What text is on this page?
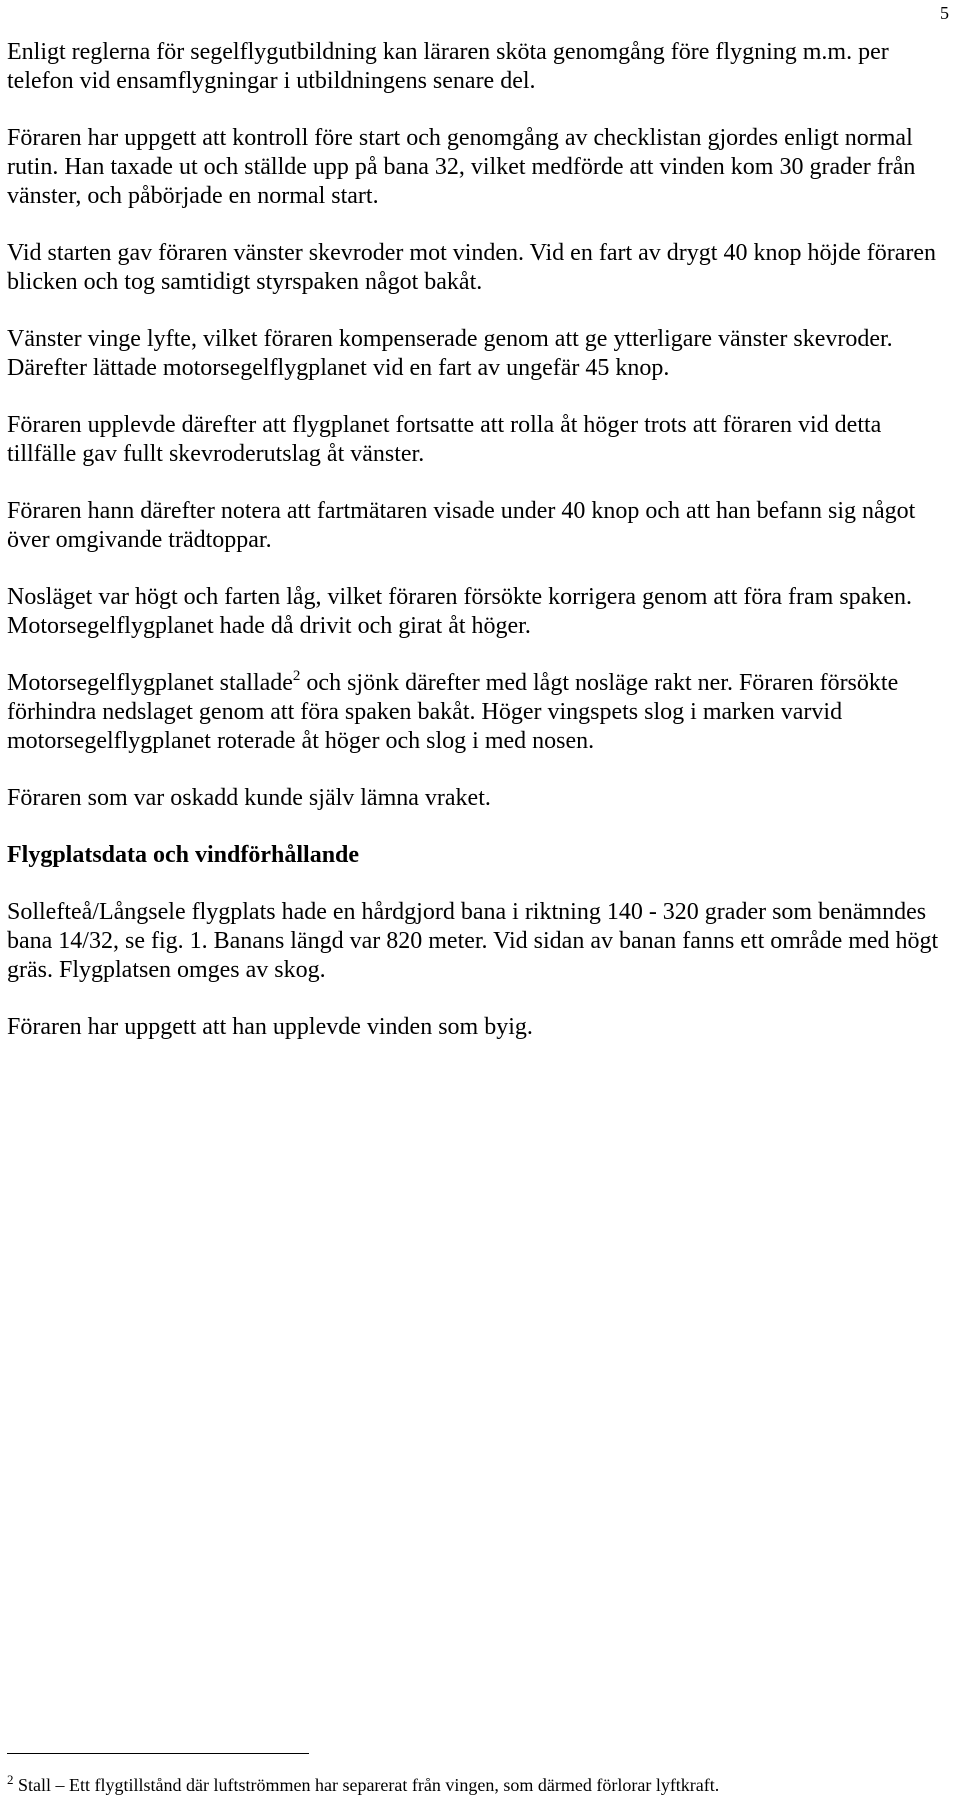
5

Enligt reglerna för segelflygutbildning kan läraren sköta genomgång före flygning m.m. per telefon vid ensamflygningar i utbildningens senare del.

Föraren har uppgett att kontroll före start och genomgång av checklistan gjordes enligt normal rutin. Han taxade ut och ställde upp på bana 32, vilket medförde att vinden kom 30 grader från vänster, och påbörjade en normal start.

Vid starten gav föraren vänster skevroder mot vinden. Vid en fart av drygt 40 knop höjde föraren blicken och tog samtidigt styrspaken något bakåt.

Vänster vinge lyfte, vilket föraren kompenserade genom att ge ytterligare vänster skevroder. Därefter lättade motorsegelflygplanet vid en fart av ungefär 45 knop.

Föraren upplevde därefter att flygplanet fortsatte att rolla åt höger trots att föraren vid detta tillfälle gav fullt skevroderutslag åt vänster.

Föraren hann därefter notera att fartmätaren visade under 40 knop och att han befann sig något över omgivande trädtoppar.

Nosläget var högt och farten låg, vilket föraren försökte korrigera genom att föra fram spaken. Motorsegelflygplanet hade då drivit och girat åt höger.

Motorsegelflygplanet stallade$^2$ och sjönk därefter med lågt nosläge rakt ner. Föraren försökte förhindra nedslaget genom att föra spaken bakåt. Höger vingspets slog i marken varvid motorsegelflygplanet roterade åt höger och slog i med nosen.

Föraren som var oskadd kunde själv lämna vraket.

Flygplatsdata och vindförhållande

Sollefteå/Långsele flygplats hade en hårdgjord bana i riktning 140 - 320 grader som benämndes bana 14/32, se fig. 1. Banans längd var 820 meter. Vid sidan av banan fanns ett område med högt gräs. Flygplatsen omges av skog.

Föraren har uppgett att han upplevde vinden som byig.

$^2$ Stall – Ett flygtillstånd där luftströmmen har separerat från vingen, som därmed förlorar lyftkraft.
